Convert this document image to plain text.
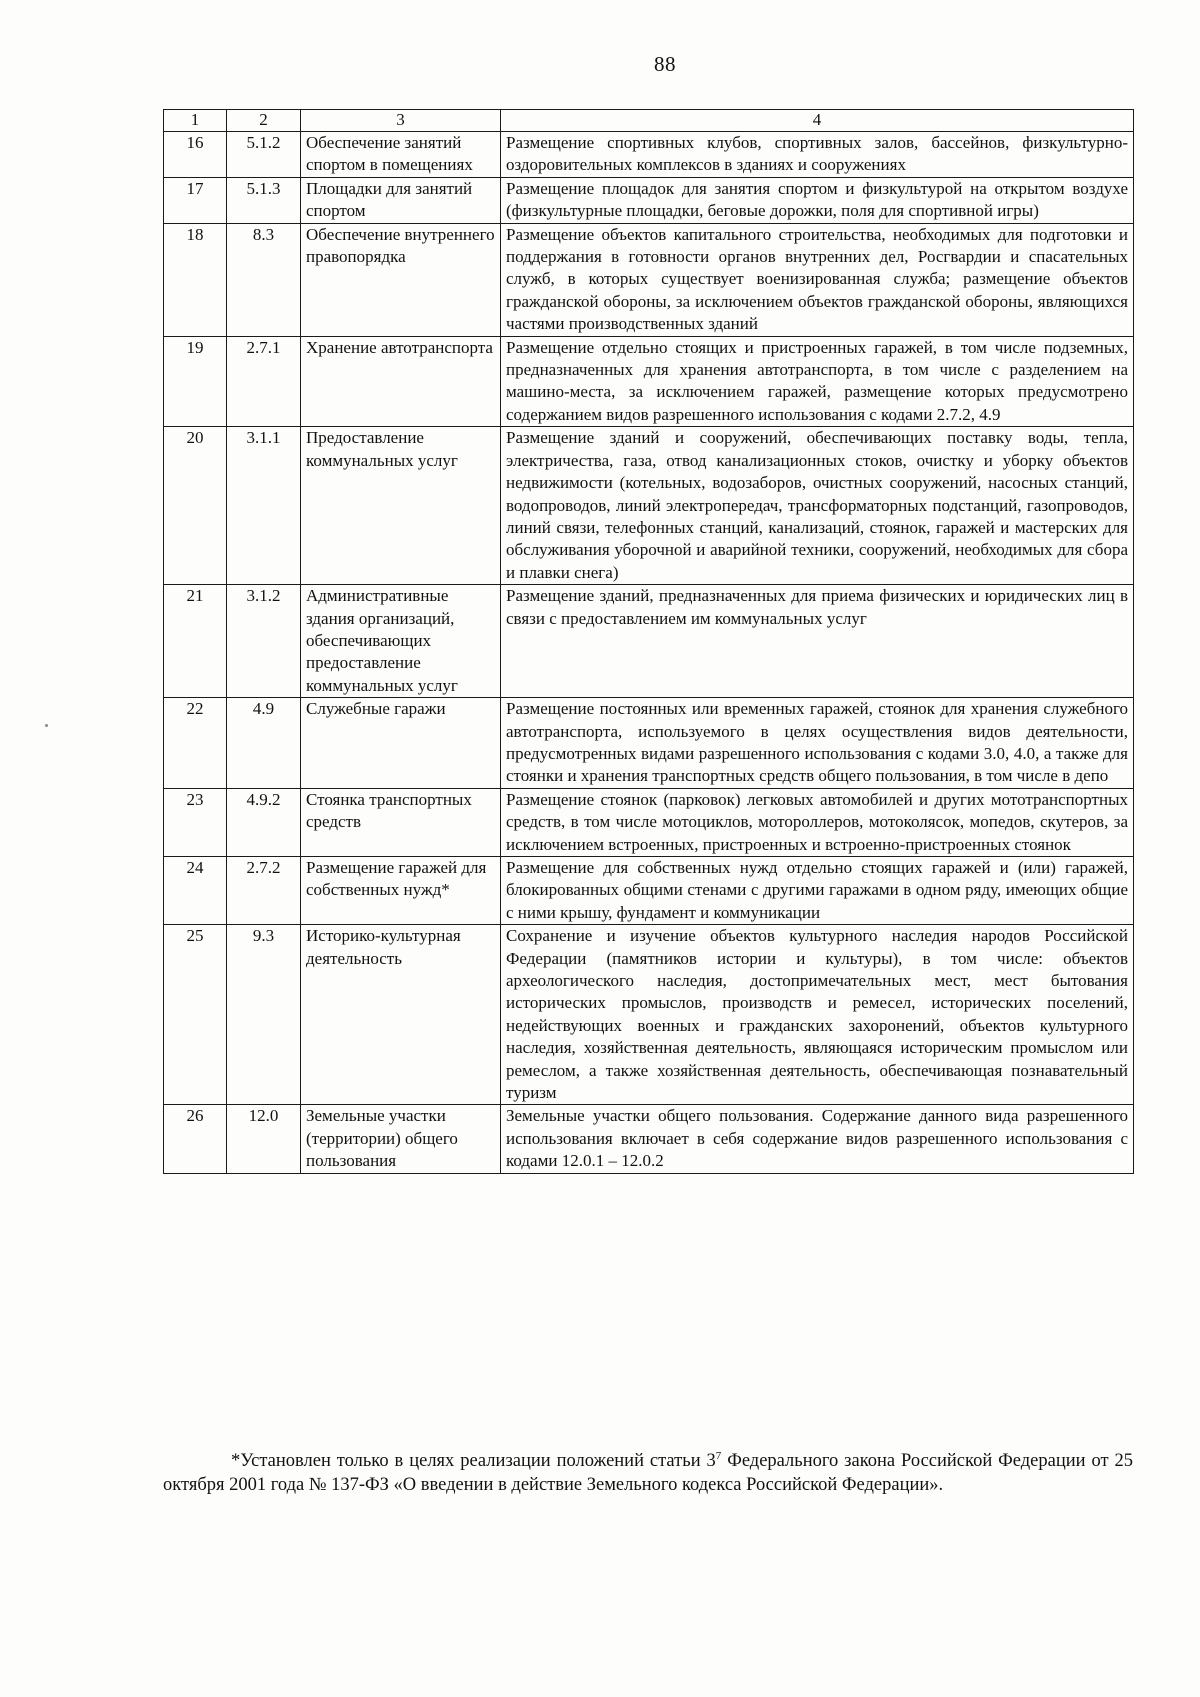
88
1	2	3	4
16	5.1.2	Обеспечение занятий спортом в помещениях	Размещение спортивных клубов, спортивных залов, бассейнов, физкультурно-оздоровительных комплексов в зданиях и сооружениях
17	5.1.3	Площадки для занятий спортом	Размещение площадок для занятия спортом и физкультурой на открытом воздухе (физкультурные площадки, беговые дорожки, поля для спортивной игры)
18	8.3	Обеспечение внутреннего правопорядка	Размещение объектов капитального строительства, необходимых для подготовки и поддержания в готовности органов внутренних дел, Росгвардии и спасательных служб, в которых существует военизированная служба; размещение объектов гражданской обороны, за исключением объектов гражданской обороны, являющихся частями производственных зданий
19	2.7.1	Хранение автотранспорта	Размещение отдельно стоящих и пристроенных гаражей, в том числе подземных, предназначенных для хранения автотранспорта, в том числе с разделением на машино-места, за исключением гаражей, размещение которых предусмотрено содержанием видов разрешенного использования с кодами 2.7.2, 4.9
20	3.1.1	Предоставление коммунальных услуг	Размещение зданий и сооружений, обеспечивающих поставку воды, тепла, электричества, газа, отвод канализационных стоков, очистку и уборку объектов недвижимости (котельных, водозаборов, очистных сооружений, насосных станций, водопроводов, линий электропередач, трансформаторных подстанций, газопроводов, линий связи, телефонных станций, канализаций, стоянок, гаражей и мастерских для обслуживания уборочной и аварийной техники, сооружений, необходимых для сбора и плавки снега)
21	3.1.2	Административные здания организаций, обеспечивающих предоставление коммунальных услуг	Размещение зданий, предназначенных для приема физических и юридических лиц в связи с предоставлением им коммунальных услуг
22	4.9	Служебные гаражи	Размещение постоянных или временных гаражей, стоянок для хранения служебного автотранспорта, используемого в целях осуществления видов деятельности, предусмотренных видами разрешенного использования с кодами 3.0, 4.0, а также для стоянки и хранения транспортных средств общего пользования, в том числе в депо
23	4.9.2	Стоянка транспортных средств	Размещение стоянок (парковок) легковых автомобилей и других мототранспортных средств, в том числе мотоциклов, мотороллеров, мотоколясок, мопедов, скутеров, за исключением встроенных, пристроенных и встроенно-пристроенных стоянок
24	2.7.2	Размещение гаражей для собственных нужд*	Размещение для собственных нужд отдельно стоящих гаражей и (или) гаражей, блокированных общими стенами с другими гаражами в одном ряду, имеющих общие с ними крышу, фундамент и коммуникации
25	9.3	Историко-культурная деятельность	Сохранение и изучение объектов культурного наследия народов Российской Федерации (памятников истории и культуры), в том числе: объектов археологического наследия, достопримечательных мест, мест бытования исторических промыслов, производств и ремесел, исторических поселений, недействующих военных и гражданских захоронений, объектов культурного наследия, хозяйственная деятельность, являющаяся историческим промыслом или ремеслом, а также хозяйственная деятельность, обеспечивающая познавательный туризм
26	12.0	Земельные участки (территории) общего пользования	Земельные участки общего пользования. Содержание данного вида разрешенного использования включает в себя содержание видов разрешенного использования с кодами 12.0.1 – 12.0.2

*Установлен только в целях реализации положений статьи $3^7$ Федерального закона Российской Федерации от 25 октября 2001 года № 137-ФЗ «О введении в действие Земельного кодекса Российской Федерации».
